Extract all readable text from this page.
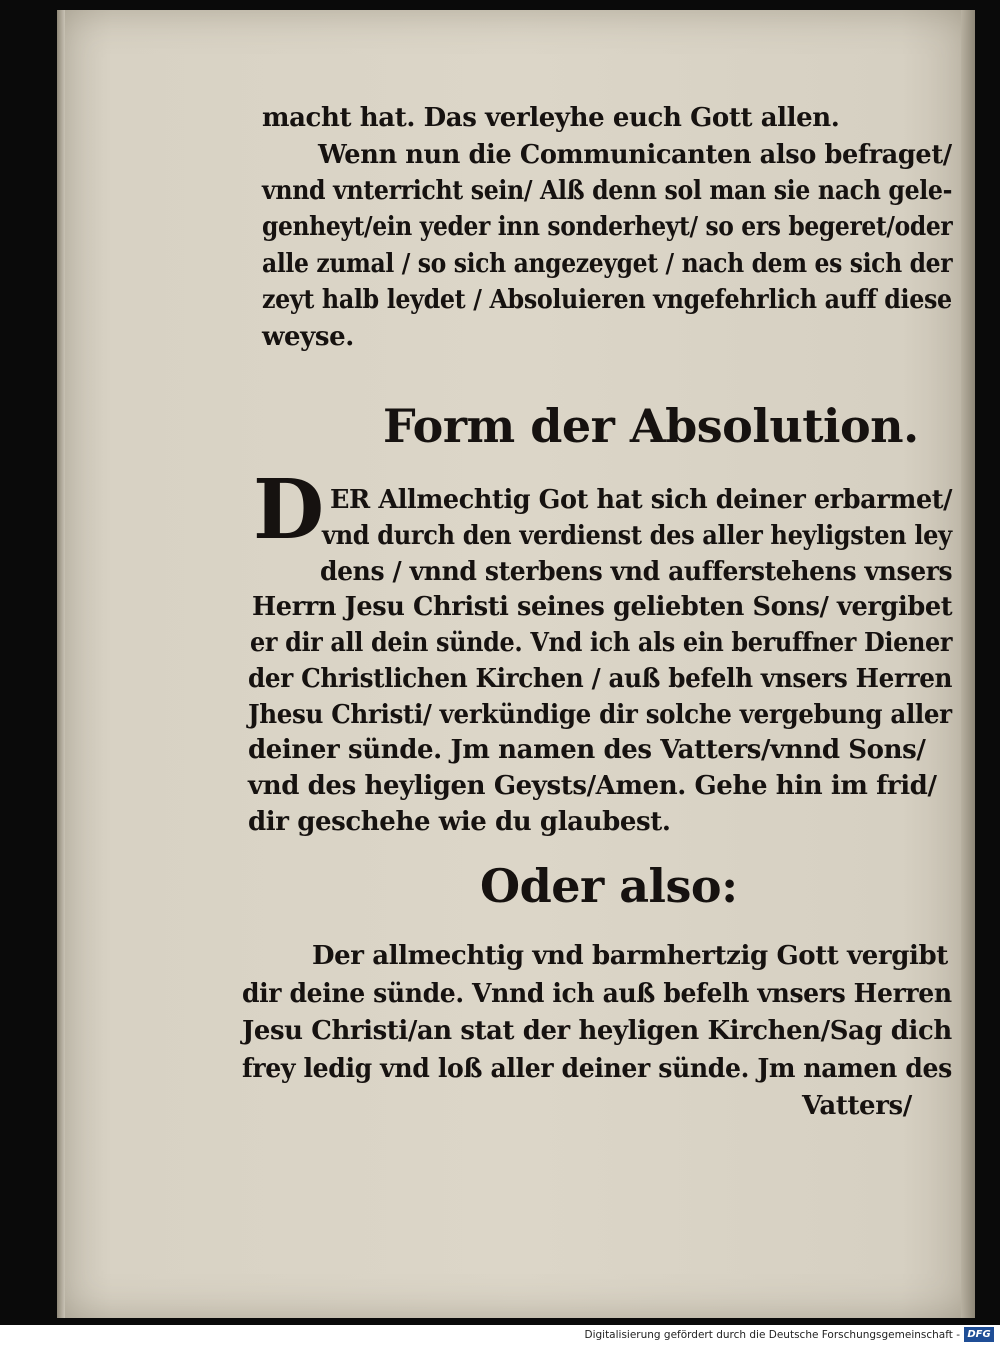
macht hat. Das verleyhe euch Gott allen.
Wenn nun die Communicanten also befraget/
vnnd vnterricht sein/ Alß denn sol man sie nach gele-
genheyt/ein yeder inn sonderheyt/ so ers begeret/oder
alle zumal / so sich angezeyget / nach dem es sich der
zeyt halb leydet / Absoluieren vngefehrlich auff diese
weyse.
Form der Absolution.
D ER Allmechtig Got hat sich deiner erbarmet/
vnd durch den verdienst des aller heyligsten ley
dens / vnnd sterbens vnd aufferstehens vnsers
Herrn Jesu Christi seines geliebten Sons/ vergibet
er dir all dein sünde. Vnd ich als ein beruffner Diener
der Christlichen Kirchen / auß befelh vnsers Herren
Jhesu Christi/ verkündige dir solche vergebung aller
deiner sünde. Jm namen des Vatters/vnnd Sons/
vnd des heyligen Geysts/Amen. Gehe hin im frid/
dir geschehe wie du glaubest.
Oder also:
Der allmechtig vnd barmhertzig Gott vergibt
dir deine sünde. Vnnd ich auß befelh vnsers Herren
Jesu Christi/an stat der heyligen Kirchen/Sag dich
frey ledig vnd loß aller deiner sünde. Jm namen des
Vatters/
Digitalisierung gefördert durch die Deutsche Forschungsgemeinschaft - DFG
